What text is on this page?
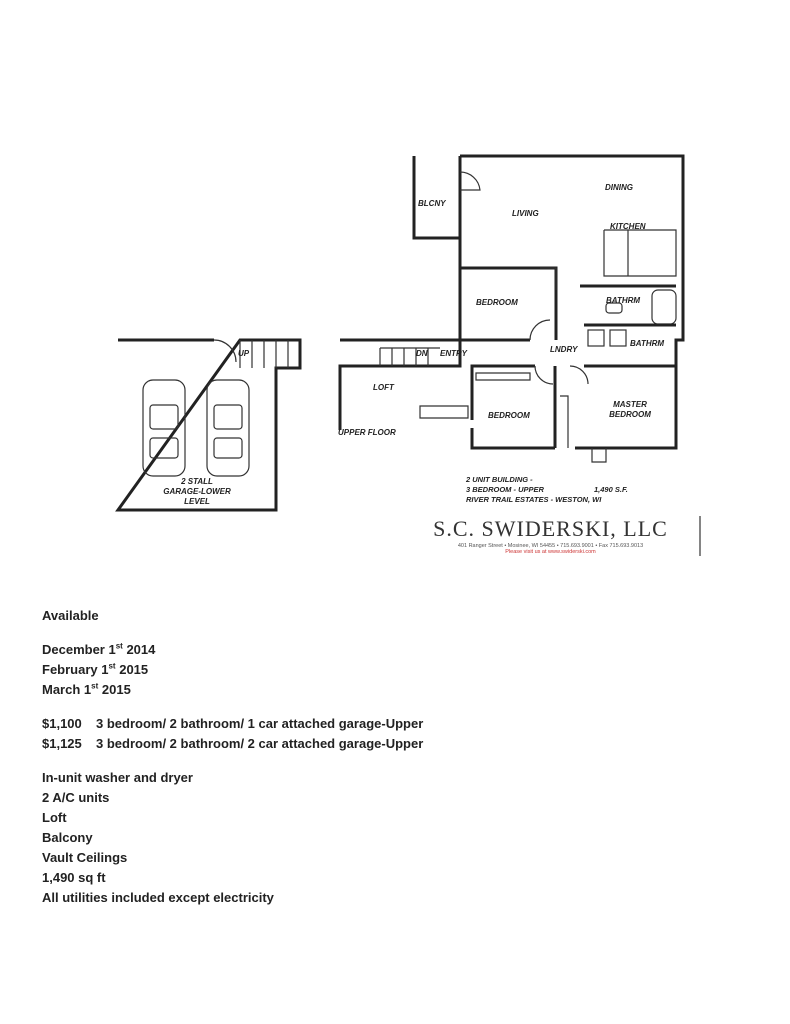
UP
2 STALL
GARAGE-LOWER
LEVEL
BLCNY
LIVING
DINING
KITCHEN
BEDROOM	BATHRM
LNDRY
BATHRM
DN ENTRY
LOFT
BEDROOM
MASTER
BEDROOM
UPPER FLOOR
2 UNIT BUILDING -
3 BEDROOM - UPPER	1,490 S.F.
RIVER TRAIL ESTATES - WESTON, WI
S.C. SWIDERSKI, LLC
401 Ranger Street • Mosinee, WI 54455 • 715.693.9001 • Fax 715.693.9013
Please visit us at www.swiderski.com

Available

December 1st 2014

February 1st 2015

March 1st 2015

$1,100 3 bedroom/ 2 bathroom/ 1 car attached garage-Upper

$1,125 3 bedroom/ 2 bathroom/ 2 car attached garage-Upper

In-unit washer and dryer

2 A/C units

Loft

Balcony

Vault Ceilings

1,490 sq ft

All utilities included except electricity
